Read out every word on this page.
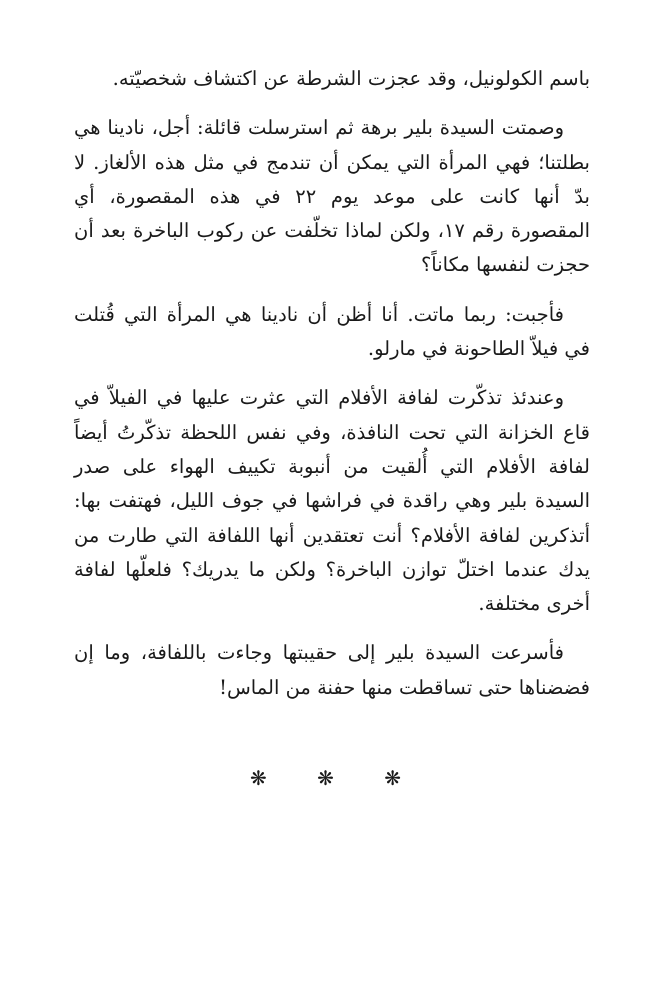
باسم الكولونيل، وقد عجزت الشرطة عن اكتشاف شخصيّته.

وصمتت السيدة بلير برهة ثم استرسلت قائلة: أجل، نادينا هي بطلتنا؛ فهي المرأة التي يمكن أن تندمج في مثل هذه الألغاز. لا بدّ أنها كانت على موعد يوم ٢٢ في هذه المقصورة، أي المقصورة رقم ١٧، ولكن لماذا تخلّفت عن ركوب الباخرة بعد أن حجزت لنفسها مكاناً؟

فأجبت: ربما ماتت. أنا أظن أن نادينا هي المرأة التي قُتلت في فيلاّ الطاحونة في مارلو.

وعندئذ تذكّرت لفافة الأفلام التي عثرت عليها في الفيلاّ في قاع الخزانة التي تحت النافذة، وفي نفس اللحظة تذكّرتُ أيضاً لفافة الأفلام التي أُلقيت من أنبوبة تكييف الهواء على صدر السيدة بلير وهي راقدة في فراشها في جوف الليل، فهتفت بها: أتذكرين لفافة الأفلام؟ أنت تعتقدين أنها اللفافة التي طارت من يدك عندما اختلّ توازن الباخرة؟ ولكن ما يدريك؟ فلعلّها لفافة أخرى مختلفة.

فأسرعت السيدة بلير إلى حقيبتها وجاءت باللفافة، وما إن فضضناها حتى تساقطت منها حفنة من الماس!

❋ ❋ ❋
